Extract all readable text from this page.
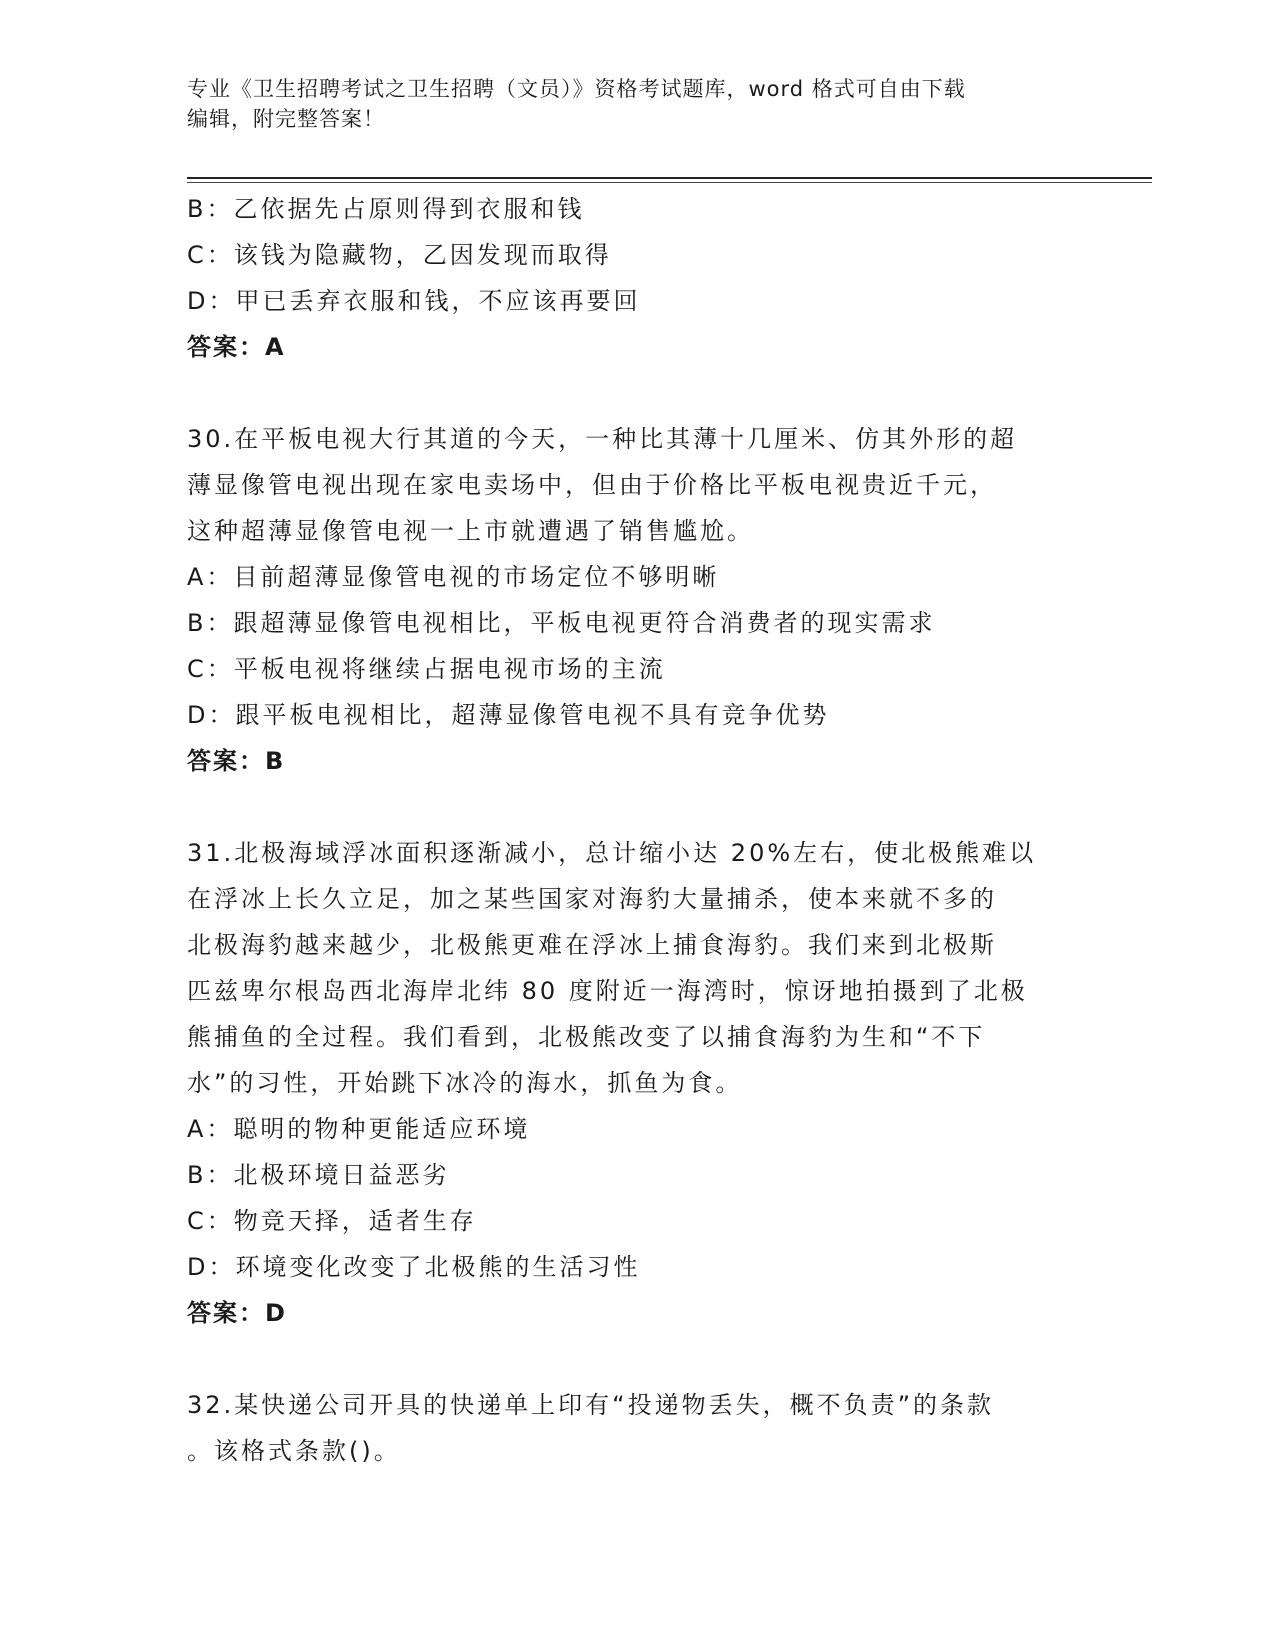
专业《卫生招聘考试之卫生招聘（文员）》资格考试题库，word 格式可自由下载
编辑，附完整答案！

B：乙依据先占原则得到衣服和钱

C：该钱为隐藏物，乙因发现而取得

D：甲已丢弃衣服和钱，不应该再要回

答案：A

30.在平板电视大行其道的今天，一种比其薄十几厘米、仿其外形的超

薄显像管电视出现在家电卖场中，但由于价格比平板电视贵近千元，

这种超薄显像管电视一上市就遭遇了销售尴尬。

A：目前超薄显像管电视的市场定位不够明晰

B：跟超薄显像管电视相比，平板电视更符合消费者的现实需求

C：平板电视将继续占据电视市场的主流

D：跟平板电视相比，超薄显像管电视不具有竞争优势

答案：B

31.北极海域浮冰面积逐渐减小，总计缩小达 20%左右，使北极熊难以

在浮冰上长久立足，加之某些国家对海豹大量捕杀，使本来就不多的

北极海豹越来越少，北极熊更难在浮冰上捕食海豹。我们来到北极斯

匹兹卑尔根岛西北海岸北纬 80 度附近一海湾时，惊讶地拍摄到了北极

熊捕鱼的全过程。我们看到，北极熊改变了以捕食海豹为生和“不下

水”的习性，开始跳下冰冷的海水，抓鱼为食。

A：聪明的物种更能适应环境

B：北极环境日益恶劣

C：物竞天择，适者生存

D：环境变化改变了北极熊的生活习性

答案：D

32.某快递公司开具的快递单上印有“投递物丢失，概不负责”的条款

。该格式条款()。
